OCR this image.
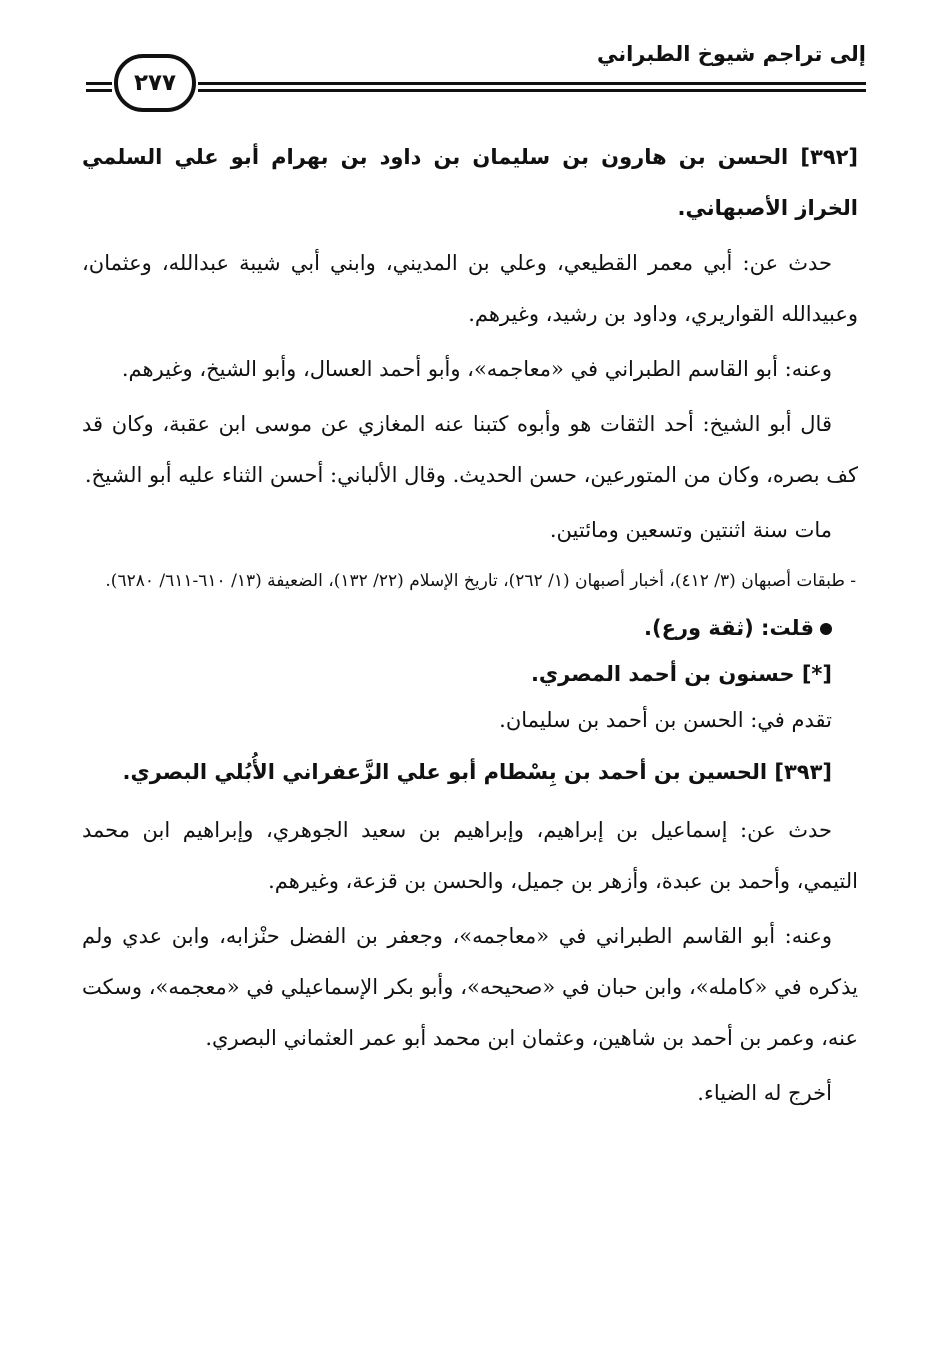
٢٧٧
إلى تراجم شيوخ الطبراني

[٣٩٢] الحسن بن هارون بن سليمان بن داود بن بهرام أبو علي السلمي الخراز الأصبهاني.

حدث عن: أبي معمر القطيعي، وعلي بن المديني، وابني أبي شيبة عبدالله، وعثمان، وعبيدالله القواريري، وداود بن رشيد، وغيرهم.

وعنه: أبو القاسم الطبراني في «معاجمه»، وأبو أحمد العسال، وأبو الشيخ، وغيرهم.

قال أبو الشيخ: أحد الثقات هو وأبوه كتبنا عنه المغازي عن موسى ابن عقبة، وكان قد كف بصره، وكان من المتورعين، حسن الحديث. وقال الألباني: أحسن الثناء عليه أبو الشيخ.

مات سنة اثنتين وتسعين ومائتين.

- طبقات أصبهان (٣/ ٤١٢)، أخبار أصبهان (١/ ٢٦٢)، تاريخ الإسلام (٢٢/ ١٣٢)، الضعيفة (١٣/ ٦١٠-٦١١/ ٦٢٨٠).

قلت: (ثقة ورع).

[*] حسنون بن أحمد المصري.

تقدم في: الحسن بن أحمد بن سليمان.

[٣٩٣] الحسين بن أحمد بن بِسْطام أبو علي الزَّعفراني الأُبُلي البصري.

حدث عن: إسماعيل بن إبراهيم، وإبراهيم بن سعيد الجوهري، وإبراهيم ابن محمد التيمي، وأحمد بن عبدة، وأزهر بن جميل، والحسن بن قزعة، وغيرهم.

وعنه: أبو القاسم الطبراني في «معاجمه»، وجعفر بن الفضل حنْزابه، وابن عدي ولم يذكره في «كامله»، وابن حبان في «صحيحه»، وأبو بكر الإسماعيلي في «معجمه»، وسكت عنه، وعمر بن أحمد بن شاهين، وعثمان ابن محمد أبو عمر العثماني البصري.

أخرج له الضياء.
